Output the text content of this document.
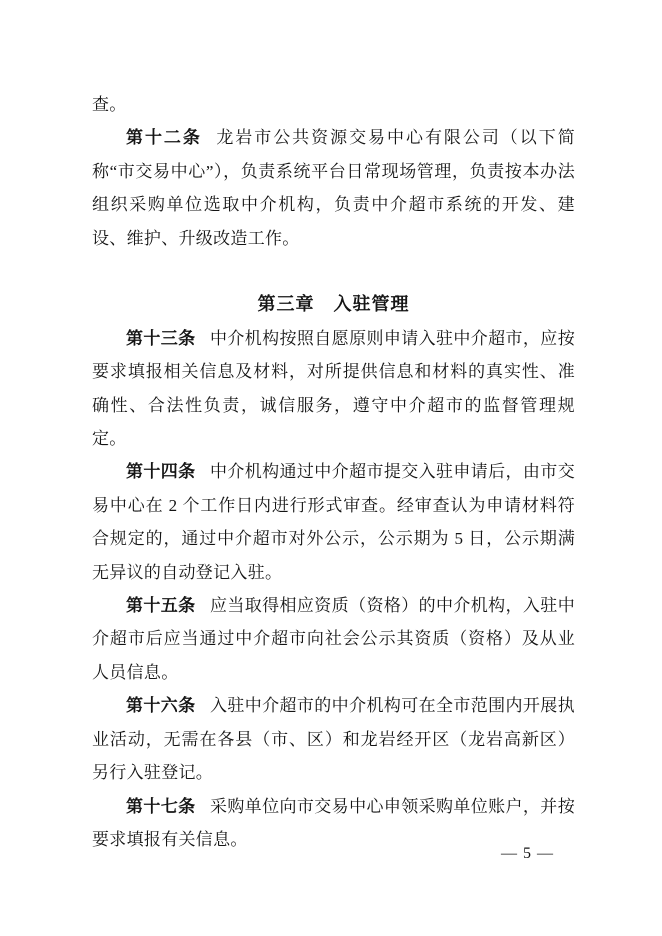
查。

第十二条 龙岩市公共资源交易中心有限公司（以下简称“市交易中心”），负责系统平台日常现场管理，负责按本办法组织采购单位选取中介机构，负责中介超市系统的开发、建设、维护、升级改造工作。

第三章　入驻管理

第十三条 中介机构按照自愿原则申请入驻中介超市，应按要求填报相关信息及材料，对所提供信息和材料的真实性、准确性、合法性负责，诚信服务，遵守中介超市的监督管理规定。

第十四条 中介机构通过中介超市提交入驻申请后，由市交易中心在 2 个工作日内进行形式审查。经审查认为申请材料符合规定的，通过中介超市对外公示，公示期为 5 日，公示期满无异议的自动登记入驻。

第十五条 应当取得相应资质（资格）的中介机构，入驻中介超市后应当通过中介超市向社会公示其资质（资格）及从业人员信息。

第十六条 入驻中介超市的中介机构可在全市范围内开展执业活动，无需在各县（市、区）和龙岩经开区（龙岩高新区）另行入驻登记。

第十七条 采购单位向市交易中心申领采购单位账户，并按要求填报有关信息。

— 5 —
